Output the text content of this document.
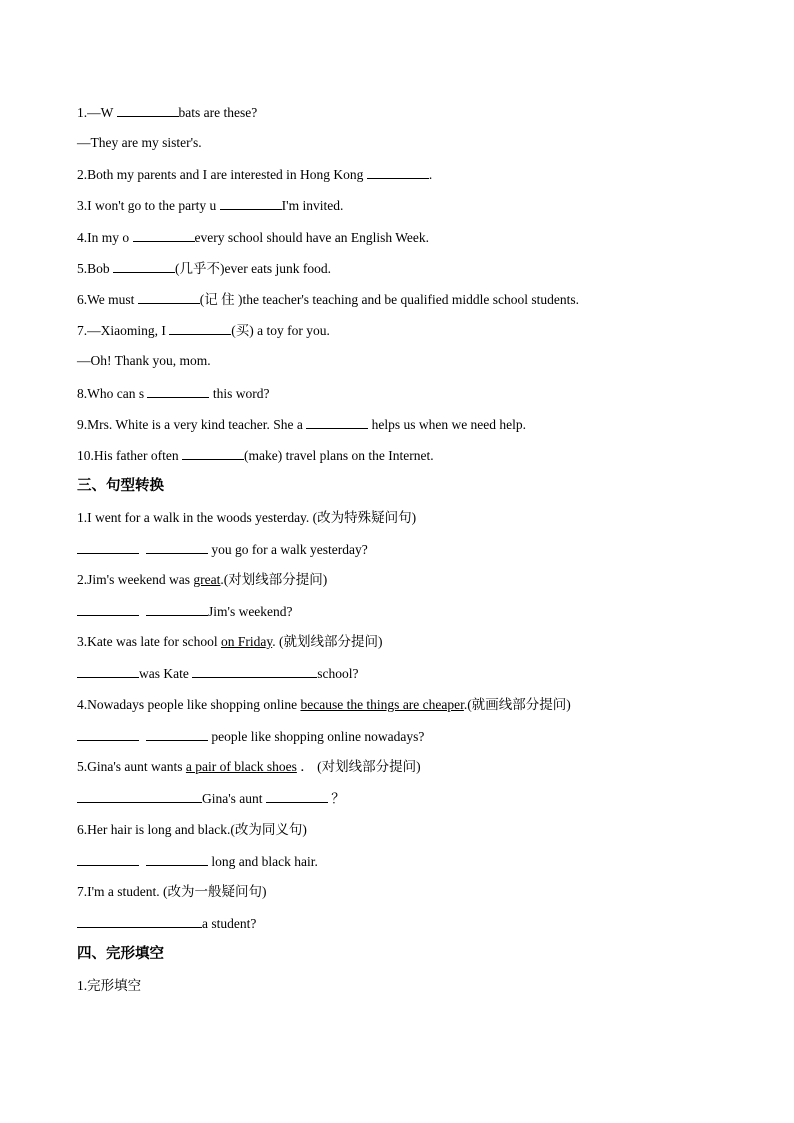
1.—W	bats are these?
—They are my sister's.
2.Both my parents and I are interested in Hong Kong	.
3.I won't go to the party u	I'm invited.
4.In my o	every school should have an English Week.
5.Bob	(几乎不)ever eats junk food.
6.We must	(记 住 )the teacher's teaching and be qualified middle school students.
7.—Xiaoming, I	(买) a toy for you.
—Oh! Thank you, mom.
8.Who can s	this word?
9.Mrs. White is a very kind teacher. She a	helps us when we need help.
10.His father often	(make) travel plans on the Internet.
三、句型转换
1.I went for a walk in the woods yesterday. (改为特殊疑问句)
you go for a walk yesterday?
2.Jim's weekend was great.(对划线部分提问)
Jim's weekend?
3.Kate was late for school on Friday. (就划线部分提问)
was Kate	school?
4.Nowadays people like shopping online because the things are cheaper.(就画线部分提问)
people like shopping online nowadays?
5.Gina's aunt wants a pair of black shoes ． (对划线部分提问)
Gina's aunt	？
6.Her hair is long and black.(改为同义句)
long and black hair.
7.I'm a student. (改为一般疑问句)
a student?
四、完形填空
1.完形填空
